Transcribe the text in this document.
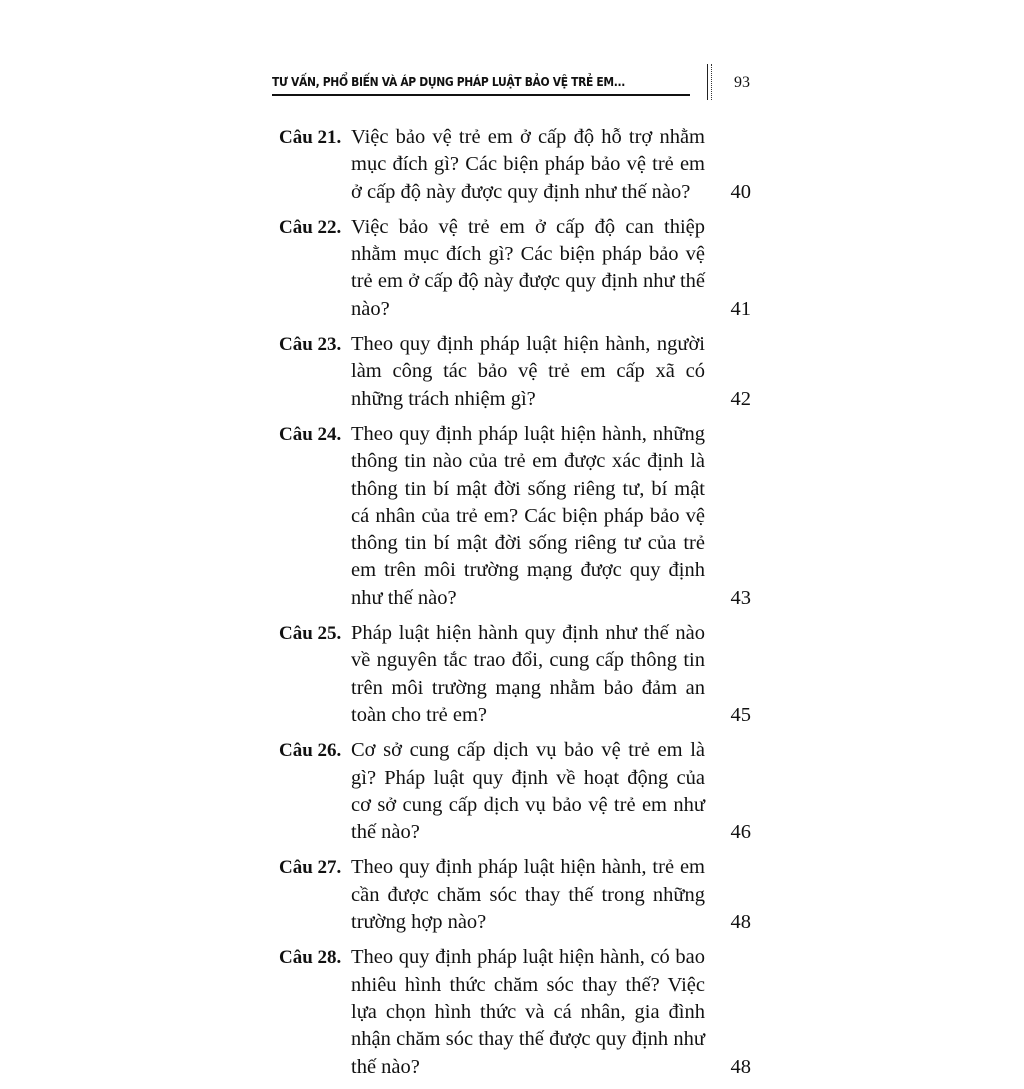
TƯ VẤN, PHỔ BIẾN VÀ ÁP DỤNG PHÁP LUẬT BẢO VỆ TRẺ EM...	93
Câu 21. Việc bảo vệ trẻ em ở cấp độ hỗ trợ nhằm mục đích gì? Các biện pháp bảo vệ trẻ em ở cấp độ này được quy định như thế nào?	40
Câu 22. Việc bảo vệ trẻ em ở cấp độ can thiệp nhằm mục đích gì? Các biện pháp bảo vệ trẻ em ở cấp độ này được quy định như thế nào?	41
Câu 23. Theo quy định pháp luật hiện hành, người làm công tác bảo vệ trẻ em cấp xã có những trách nhiệm gì?	42
Câu 24. Theo quy định pháp luật hiện hành, những thông tin nào của trẻ em được xác định là thông tin bí mật đời sống riêng tư, bí mật cá nhân của trẻ em? Các biện pháp bảo vệ thông tin bí mật đời sống riêng tư của trẻ em trên môi trường mạng được quy định như thế nào?	43
Câu 25. Pháp luật hiện hành quy định như thế nào về nguyên tắc trao đổi, cung cấp thông tin trên môi trường mạng nhằm bảo đảm an toàn cho trẻ em?	45
Câu 26. Cơ sở cung cấp dịch vụ bảo vệ trẻ em là gì? Pháp luật quy định về hoạt động của cơ sở cung cấp dịch vụ bảo vệ trẻ em như thế nào?	46
Câu 27. Theo quy định pháp luật hiện hành, trẻ em cần được chăm sóc thay thế trong những trường hợp nào?	48
Câu 28. Theo quy định pháp luật hiện hành, có bao nhiêu hình thức chăm sóc thay thế? Việc lựa chọn hình thức và cá nhân, gia đình nhận chăm sóc thay thế được quy định như thế nào?	48
